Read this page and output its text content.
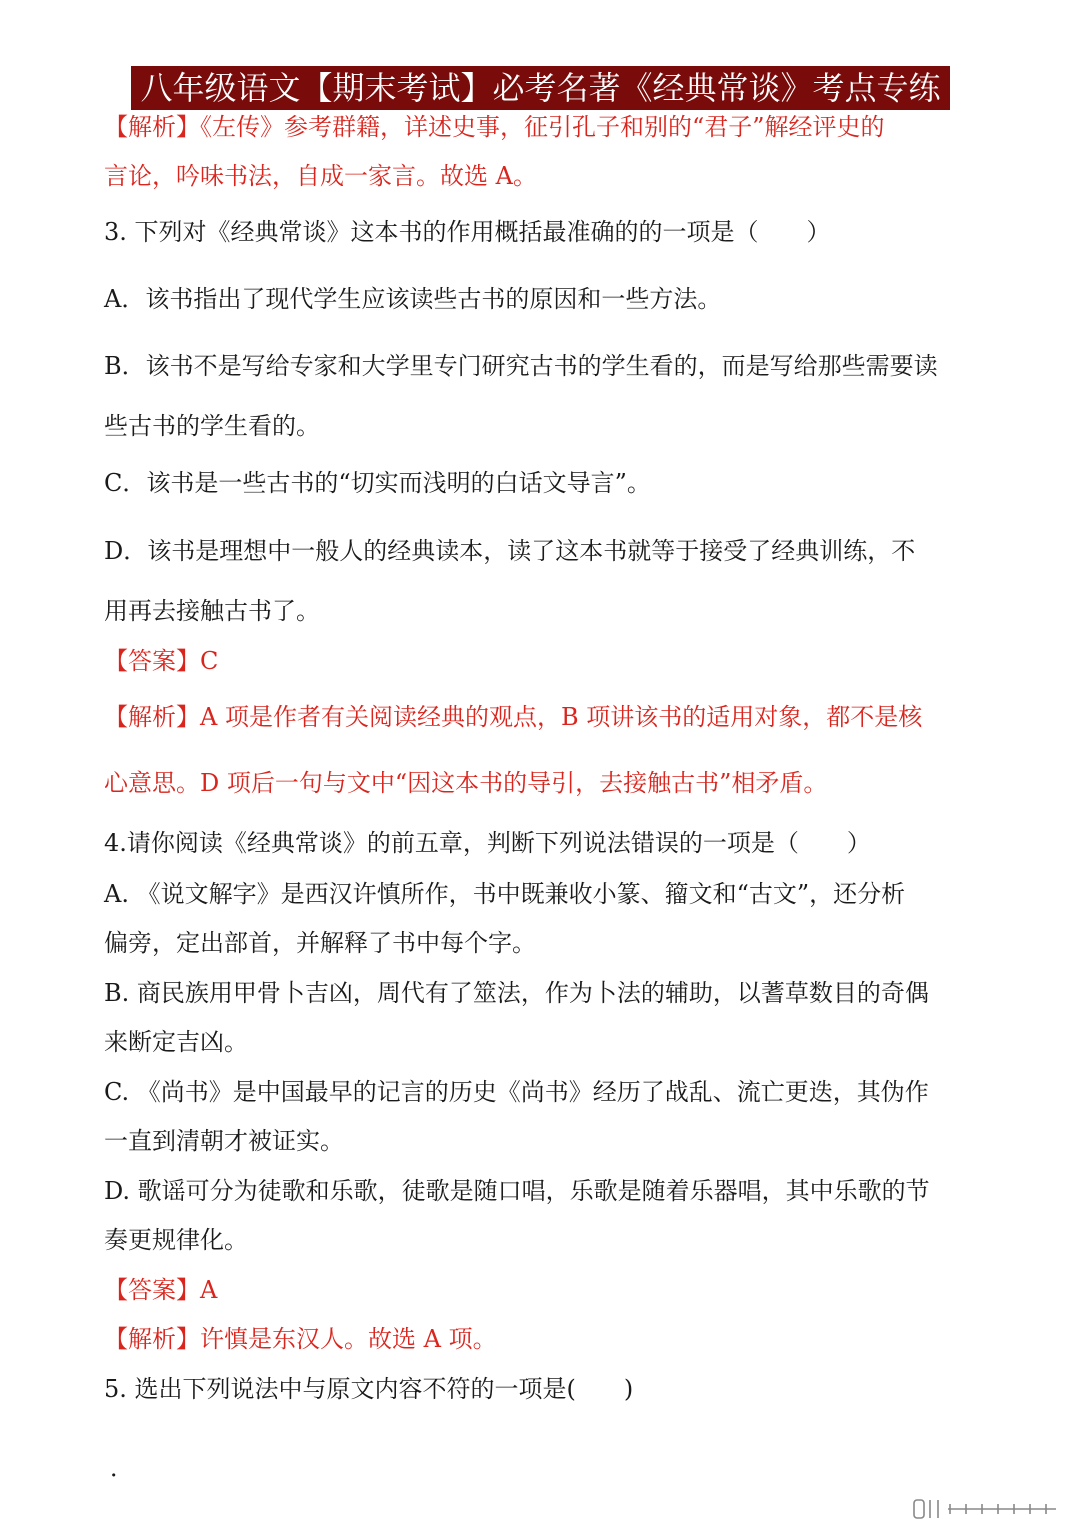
八年级语文【期末考试】必考名著《经典常谈》考点专练
【解析】《左传》参考群籍，详述史事，征引孔子和别的“君子”解经评史的
言论，吟味书法，自成一家言。故选 A。
3. 下列对《经典常谈》这本书的作用概括最准确的的一项是（　　）
A．该书指出了现代学生应该读些古书的原因和一些方法。
B．该书不是写给专家和大学里专门研究古书的学生看的，而是写给那些需要读
些古书的学生看的。
C．该书是一些古书的“切实而浅明的白话文导言”。
D．该书是理想中一般人的经典读本，读了这本书就等于接受了经典训练，不
用再去接触古书了。
【答案】C
【解析】A 项是作者有关阅读经典的观点，B 项讲该书的适用对象，都不是核
心意思。D 项后一句与文中“因这本书的导引，去接触古书”相矛盾。
4.请你阅读《经典常谈》的前五章，判断下列说法错误的一项是（　　）
A. 《说文解字》是西汉许慎所作，书中既兼收小篆、籀文和“古文”，还分析
偏旁，定出部首，并解释了书中每个字。
B. 商民族用甲骨卜吉凶，周代有了筮法，作为卜法的辅助，以蓍草数目的奇偶
来断定吉凶。
C. 《尚书》是中国最早的记言的历史《尚书》经历了战乱、流亡更迭，其伪作
一直到清朝才被证实。
D. 歌谣可分为徒歌和乐歌，徒歌是随口唱，乐歌是随着乐器唱，其中乐歌的节
奏更规律化。
【答案】A
【解析】许慎是东汉人。故选 A 项。
5. 选出下列说法中与原文内容不符的一项是(　　)
．
